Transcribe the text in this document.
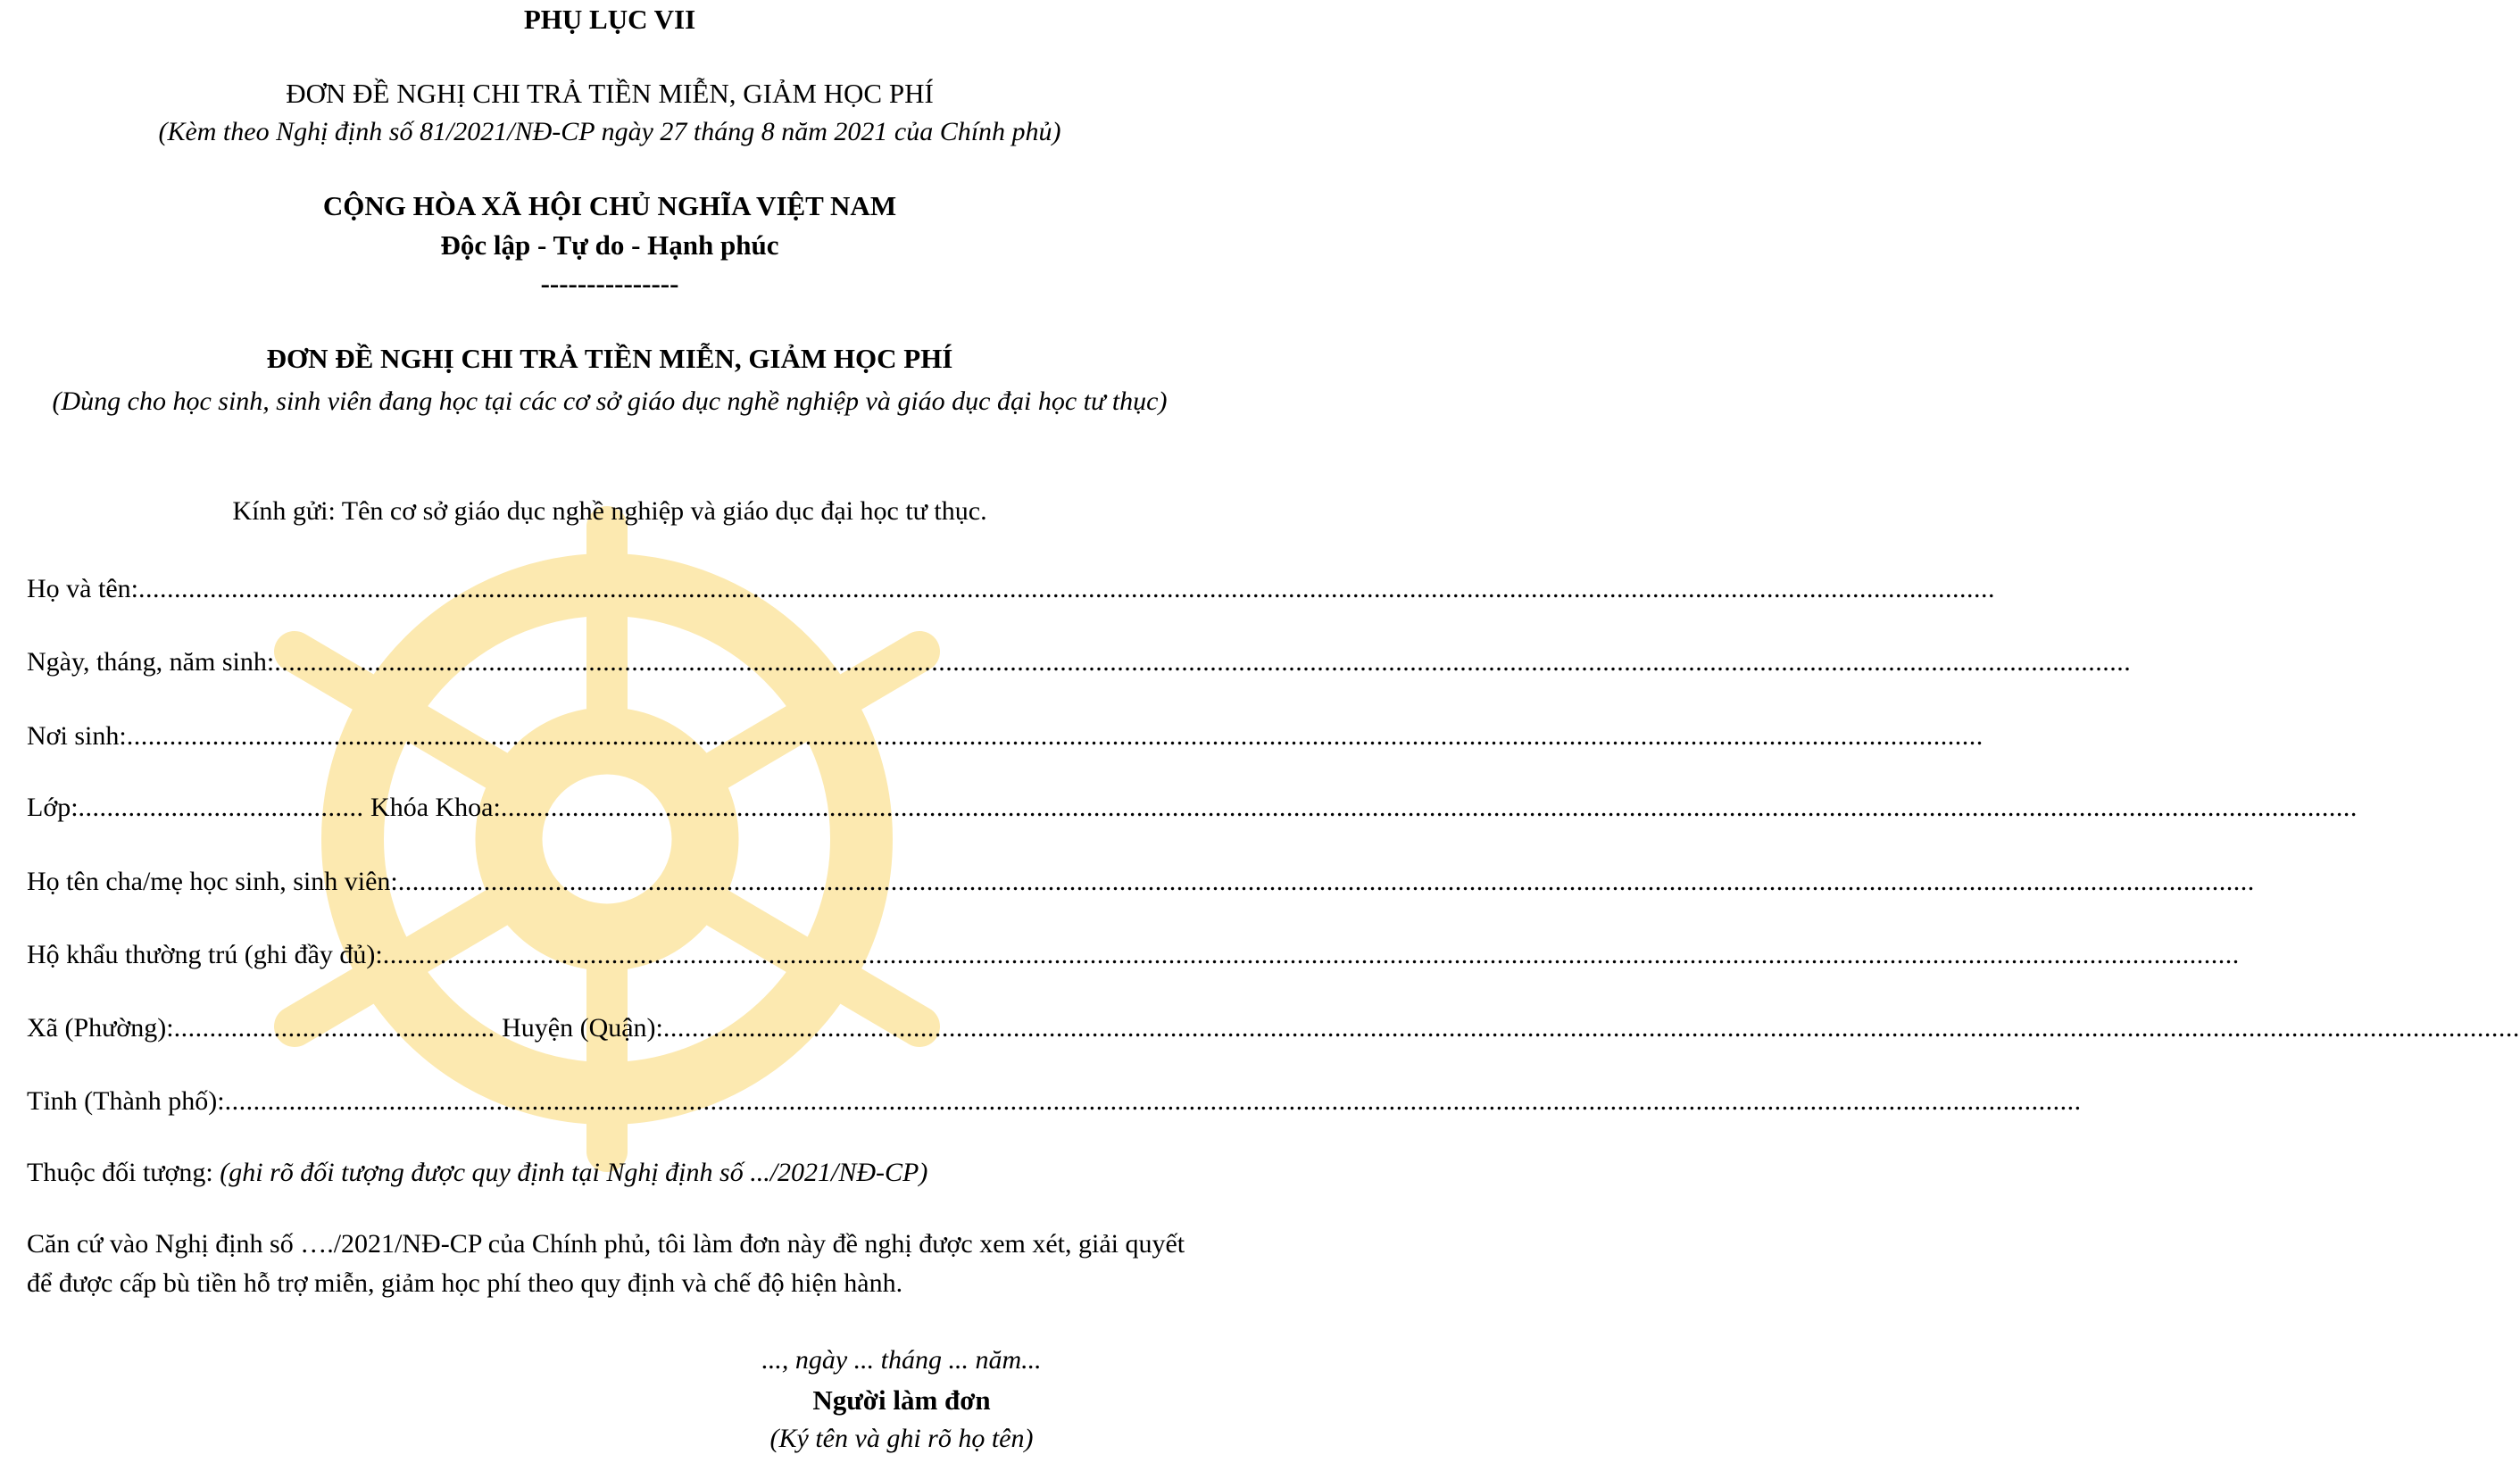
PHỤ LỤC VII
ĐƠN ĐỀ NGHỊ CHI TRẢ TIỀN MIỄN, GIẢM HỌC PHÍ
(Kèm theo Nghị định số 81/2021/NĐ-CP ngày 27 tháng 8 năm 2021 của Chính phủ)
CỘNG HÒA XÃ HỘI CHỦ NGHĨA VIỆT NAM
Độc lập - Tự do - Hạnh phúc
---------------
ĐƠN ĐỀ NGHỊ CHI TRẢ TIỀN MIỄN, GIẢM HỌC PHÍ
(Dùng cho học sinh, sinh viên đang học tại các cơ sở giáo dục nghề nghiệp và giáo dục đại học tư thục)
Kính gửi: Tên cơ sở giáo dục nghề nghiệp và giáo dục đại học tư thục.
Họ và tên:....................................................................................................................................................................................................................................................................
Ngày, tháng, năm sinh:....................................................................................................................................................................................................................................................................
Nơi sinh:....................................................................................................................................................................................................................................................................
Lớp:........................................ Khóa Khoa:....................................................................................................................................................................................................................................................................
Họ tên cha/mẹ học sinh, sinh viên:....................................................................................................................................................................................................................................................................
Hộ khẩu thường trú (ghi đầy đủ):....................................................................................................................................................................................................................................................................
Xã (Phường):............................................. Huyện (Quận):....................................................................................................................................................................................................................................................................
Tỉnh (Thành phố):....................................................................................................................................................................................................................................................................
Thuộc đối tượng: (ghi rõ đối tượng được quy định tại Nghị định số .../2021/NĐ-CP)
Căn cứ vào Nghị định số …./2021/NĐ-CP của Chính phủ, tôi làm đơn này đề nghị được xem xét, giải quyết để được cấp bù tiền hỗ trợ miễn, giảm học phí theo quy định và chế độ hiện hành.
..., ngày ... tháng ... năm...
Người làm đơn
(Ký tên và ghi rõ họ tên)
